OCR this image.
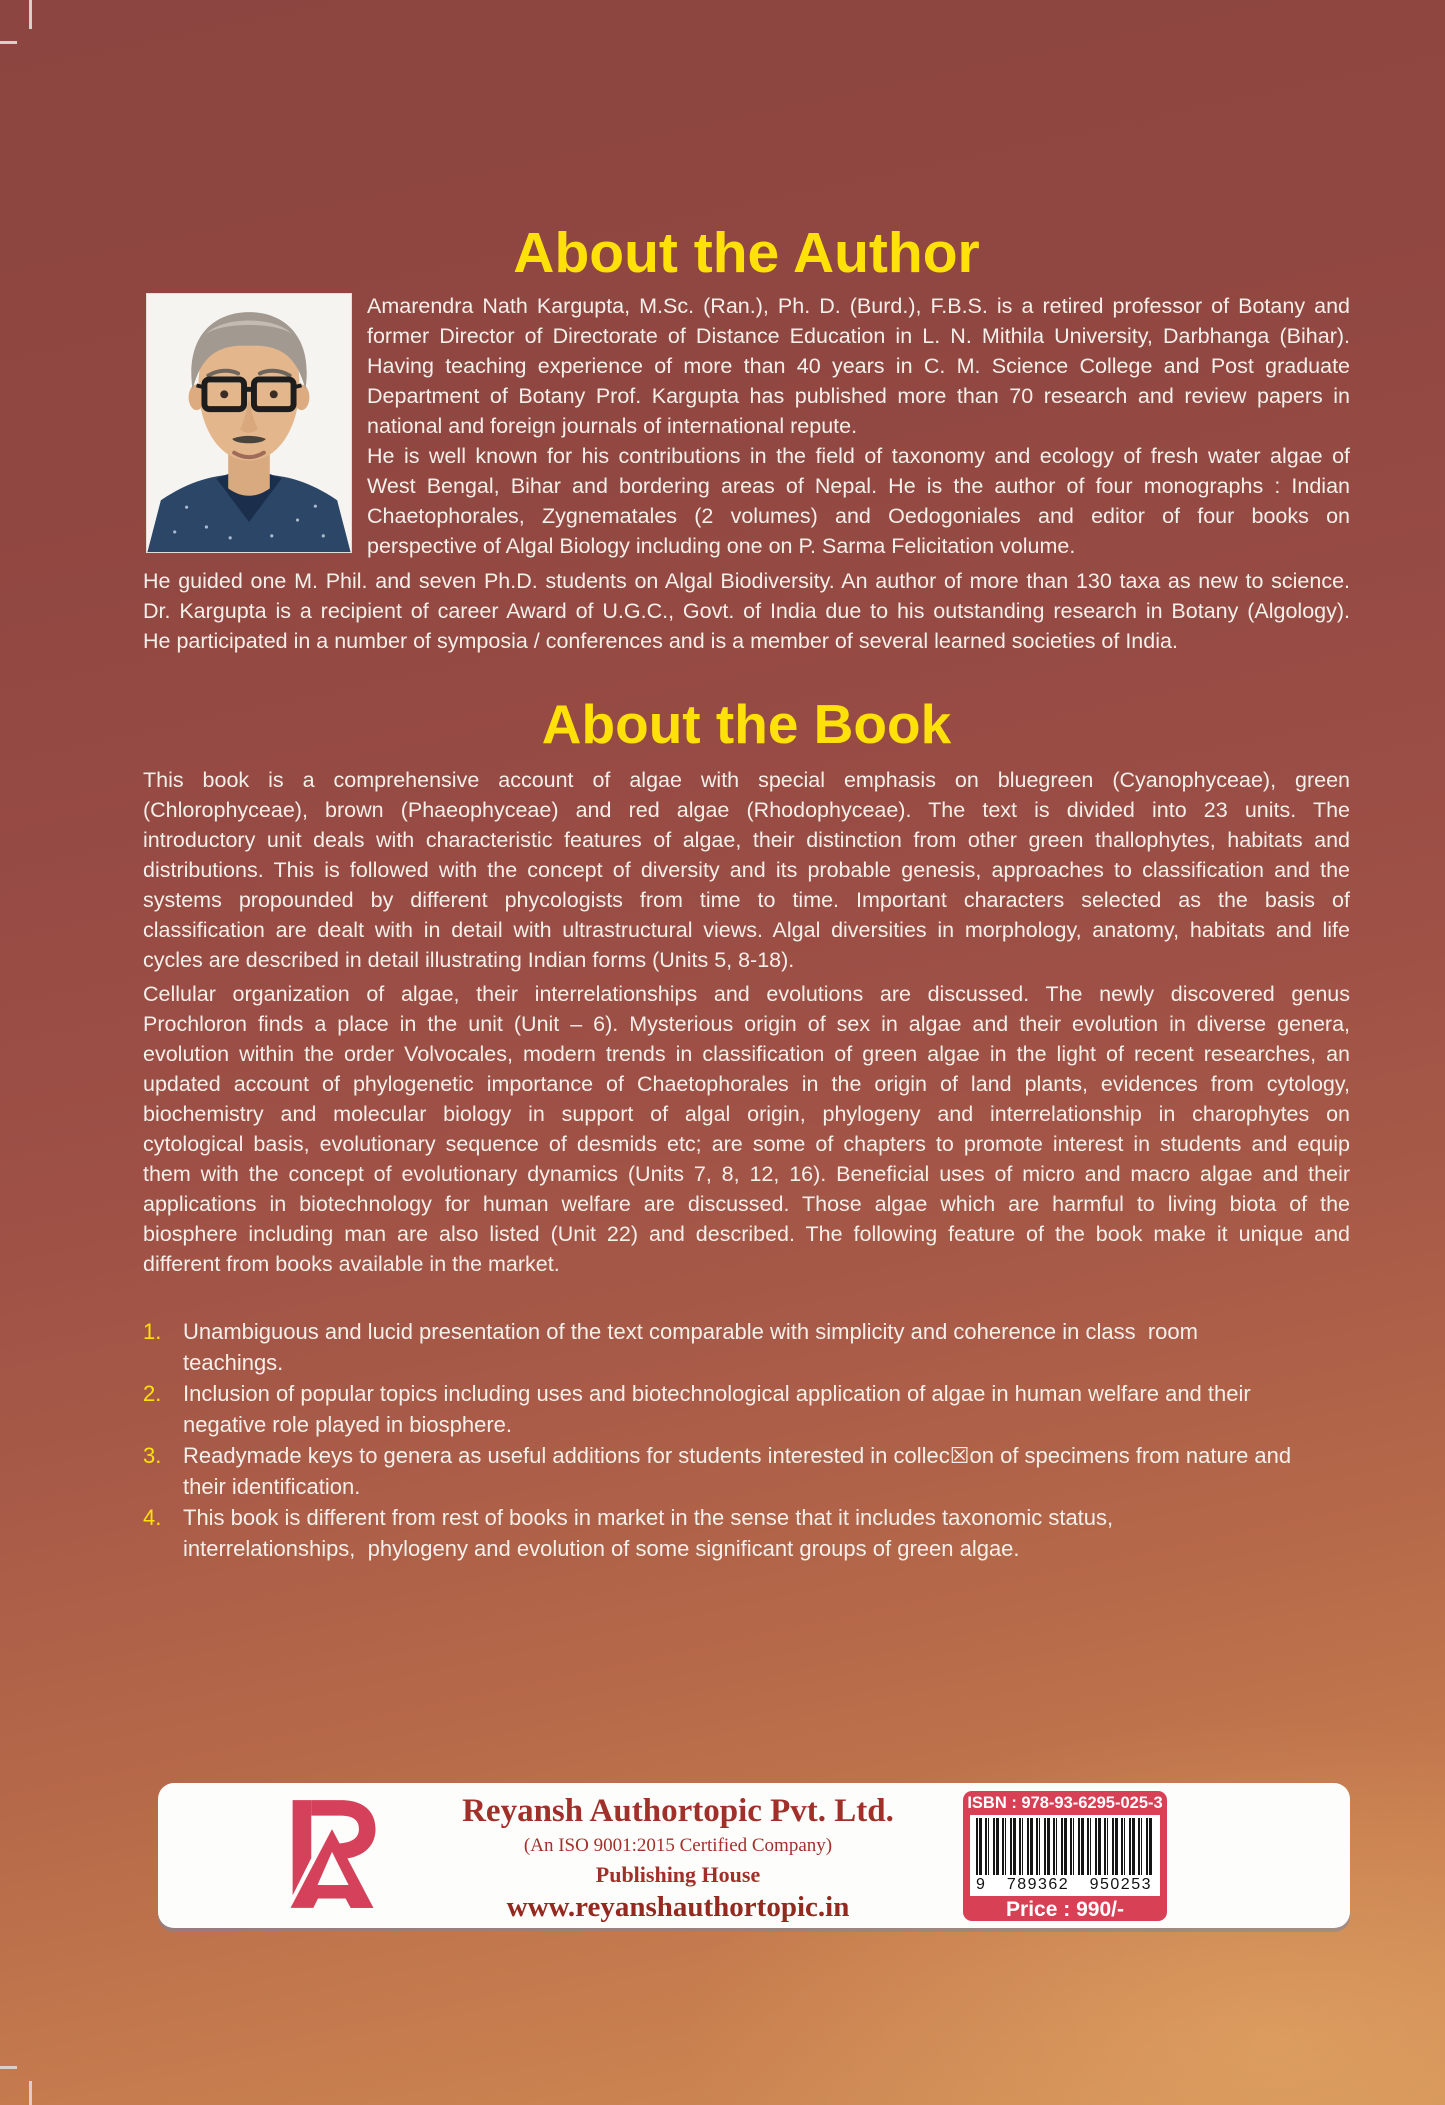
About the Author
Amarendra Nath Kargupta, M.Sc. (Ran.), Ph. D. (Burd.), F.B.S. is a retired professor of Botany and
former Director of Directorate of Distance Education in L. N. Mithila University, Darbhanga (Bihar).
Having teaching experience of more than 40 years in C. M. Science College and Post graduate
Department of Botany Prof. Kargupta has published more than 70 research and review papers in
national and foreign journals of international repute.
He is well known for his contributions in the field of taxonomy and ecology of fresh water algae of
West Bengal, Bihar and bordering areas of Nepal. He is the author of four monographs : Indian
Chaetophorales, Zygnematales (2 volumes) and Oedogoniales and editor of four books on
perspective of Algal Biology including one on P. Sarma Felicitation volume.
He guided one M. Phil. and seven Ph.D. students on Algal Biodiversity. An author of more than 130 taxa as new to science.
Dr. Kargupta is a recipient of career Award of U.G.C., Govt. of India due to his outstanding research in Botany (Algology).
He participated in a number of symposia / conferences and is a member of several learned societies of India.
About the Book
This book is a comprehensive account of algae with special emphasis on bluegreen (Cyanophyceae), green
(Chlorophyceae), brown (Phaeophyceae) and red algae (Rhodophyceae). The text is divided into 23 units. The
introductory unit deals with characteristic features of algae, their distinction from other green thallophytes, habitats and
distributions. This is followed with the concept of diversity and its probable genesis, approaches to classification and the
systems propounded by different phycologists from time to time. Important characters selected as the basis of
classification are dealt with in detail with ultrastructural views. Algal diversities in morphology, anatomy, habitats and life
cycles are described in detail illustrating Indian forms (Units 5, 8-18).
Cellular organization of algae, their interrelationships and evolutions are discussed. The newly discovered genus
Prochloron finds a place in the unit (Unit – 6). Mysterious origin of sex in algae and their evolution in diverse genera,
evolution within the order Volvocales, modern trends in classification of green algae in the light of recent researches, an
updated account of phylogenetic importance of Chaetophorales in the origin of land plants, evidences from cytology,
biochemistry and molecular biology in support of algal origin, phylogeny and interrelationship in charophytes on
cytological basis, evolutionary sequence of desmids etc; are some of chapters to promote interest in students and equip
them with the concept of evolutionary dynamics (Units 7, 8, 12, 16). Beneficial uses of micro and macro algae and their
applications in biotechnology for human welfare are discussed. Those algae which are harmful to living biota of the
biosphere including man are also listed (Unit 22) and described. The following feature of the book make it unique and
different from books available in the market.
1. Unambiguous and lucid presentation of the text comparable with simplicity and coherence in class  room
teachings.
2. Inclusion of popular topics including uses and biotechnological application of algae in human welfare and their
negative role played in biosphere.
3. Readymade keys to genera as useful additions for students interested in collec☒on of specimens from nature and
their identification.
4. This book is different from rest of books in market in the sense that it includes taxonomic status,
interrelationships,  phylogeny and evolution of some significant groups of green algae.
Reyansh Authortopic Pvt. Ltd.
(An ISO 9001:2015 Certified Company)
Publishing House
www.reyanshauthortopic.in
ISBN : 978-93-6295-025-3
9 789362 950253
Price : 990/-
